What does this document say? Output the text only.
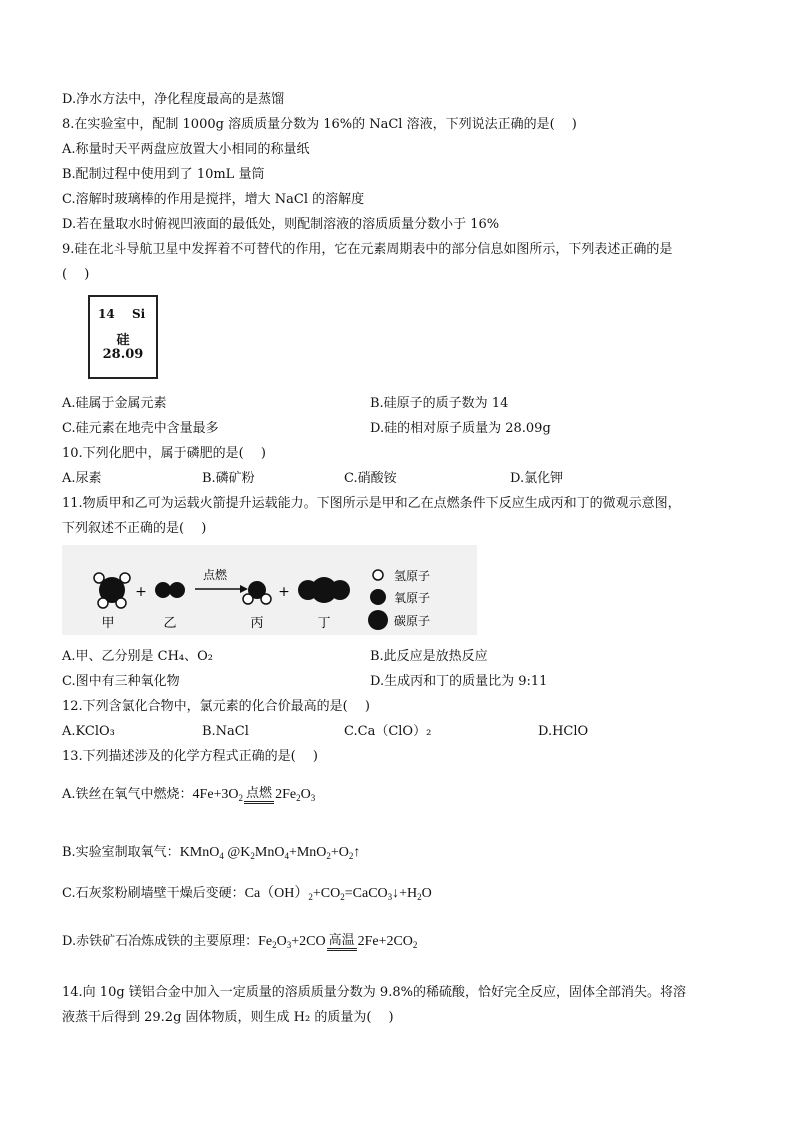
D.净水方法中，净化程度最高的是蒸馏
8.在实验室中，配制 1000g 溶质质量分数为 16%的 NaCl 溶液，下列说法正确的是(　 )
A.称量时天平两盘应放置大小相同的称量纸
B.配制过程中使用到了 10mL 量筒
C.溶解时玻璃棒的作用是搅拌，增大 NaCl 的溶解度
D.若在量取水时俯视凹液面的最低处，则配制溶液的溶质质量分数小于 16%
9.硅在北斗导航卫星中发挥着不可替代的作用，它在元素周期表中的部分信息如图所示，下列表述正确的是
(　 )
14 Si
硅
28.09
A.硅属于金属元素	B.硅原子的质子数为 14
C.硅元素在地壳中含量最多	D.硅的相对原子质量为 28.09g
10.下列化肥中，属于磷肥的是(　 )
A.尿素	B.磷矿粉	C.硝酸铵	D.氯化钾
11.物质甲和乙可为运载火箭提升运载能力。下图所示是甲和乙在点燃条件下反应生成丙和丁的微观示意图，
下列叙述不正确的是(　 )
+
点燃
+
甲	乙	丙	丁
氢原子
氧原子
碳原子
A.甲、乙分别是 CH₄、O₂	B.此反应是放热反应
C.图中有三种氧化物	D.生成丙和丁的质量比为 9:11
12.下列含氯化合物中，氯元素的化合价最高的是(　 )
A.KClO₃	B.NaCl	C.Ca（ClO）₂	D.HClO
13.下列描述涉及的化学方程式正确的是(　 )
A.铁丝在氧气中燃烧：$4Fe+3O_2$ 点燃 $2Fe_2O_3$
B.实验室制取氧气：KMnO$_4$ $@K_2MnO_4+MnO_2+O_2↑$
C.石灰浆粉刷墙壁干燥后变硬：$Ca(OH)_2+CO_2=CaCO_3↓+H_2O$
D.赤铁矿石冶炼成铁的主要原理：$Fe_2O_3+2CO$ 高温 $2Fe+2CO_2$
14.向 10g 镁铝合金中加入一定质量的溶质质量分数为 9.8%的稀硫酸，恰好完全反应，固体全部消失。将溶
液蒸干后得到 29.2g 固体物质，则生成 H₂ 的质量为(　 )
